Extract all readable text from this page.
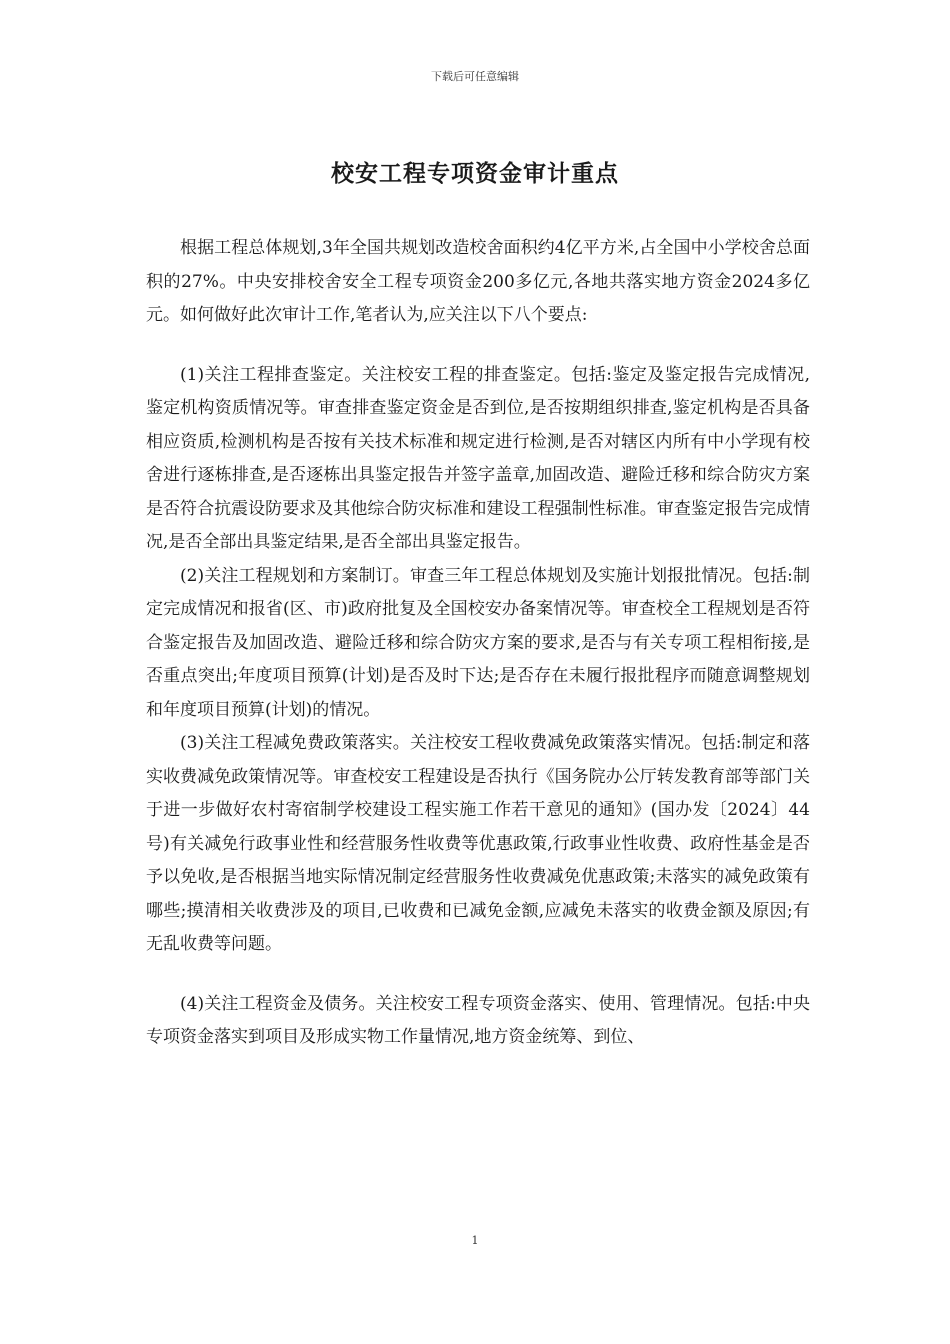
下载后可任意编辑
校安工程专项资金审计重点

根据工程总体规划,3年全国共规划改造校舍面积约4亿平方米,占全国中小学校舍总面积的27%。中央安排校舍安全工程专项资金200多亿元,各地共落实地方资金2024多亿元。如何做好此次审计工作,笔者认为,应关注以下八个要点:

(1)关注工程排查鉴定。关注校安工程的排查鉴定。包括:鉴定及鉴定报告完成情况,鉴定机构资质情况等。审查排查鉴定资金是否到位,是否按期组织排查,鉴定机构是否具备相应资质,检测机构是否按有关技术标准和规定进行检测,是否对辖区内所有中小学现有校舍进行逐栋排查,是否逐栋出具鉴定报告并签字盖章,加固改造、避险迁移和综合防灾方案是否符合抗震设防要求及其他综合防灾标准和建设工程强制性标准。审查鉴定报告完成情况,是否全部出具鉴定结果,是否全部出具鉴定报告。

(2)关注工程规划和方案制订。审查三年工程总体规划及实施计划报批情况。包括:制定完成情况和报省(区、市)政府批复及全国校安办备案情况等。审查校全工程规划是否符合鉴定报告及加固改造、避险迁移和综合防灾方案的要求,是否与有关专项工程相衔接,是否重点突出;年度项目预算(计划)是否及时下达;是否存在未履行报批程序而随意调整规划和年度项目预算(计划)的情况。

(3)关注工程减免费政策落实。关注校安工程收费减免政策落实情况。包括:制定和落实收费减免政策情况等。审查校安工程建设是否执行《国务院办公厅转发教育部等部门关于进一步做好农村寄宿制学校建设工程实施工作若干意见的通知》(国办发〔2024〕44号)有关减免行政事业性和经营服务性收费等优惠政策,行政事业性收费、政府性基金是否予以免收,是否根据当地实际情况制定经营服务性收费减免优惠政策;未落实的减免政策有哪些;摸清相关收费涉及的项目,已收费和已减免金额,应减免未落实的收费金额及原因;有无乱收费等问题。

(4)关注工程资金及债务。关注校安工程专项资金落实、使用、管理情况。包括:中央专项资金落实到项目及形成实物工作量情况,地方资金统筹、到位、

1
